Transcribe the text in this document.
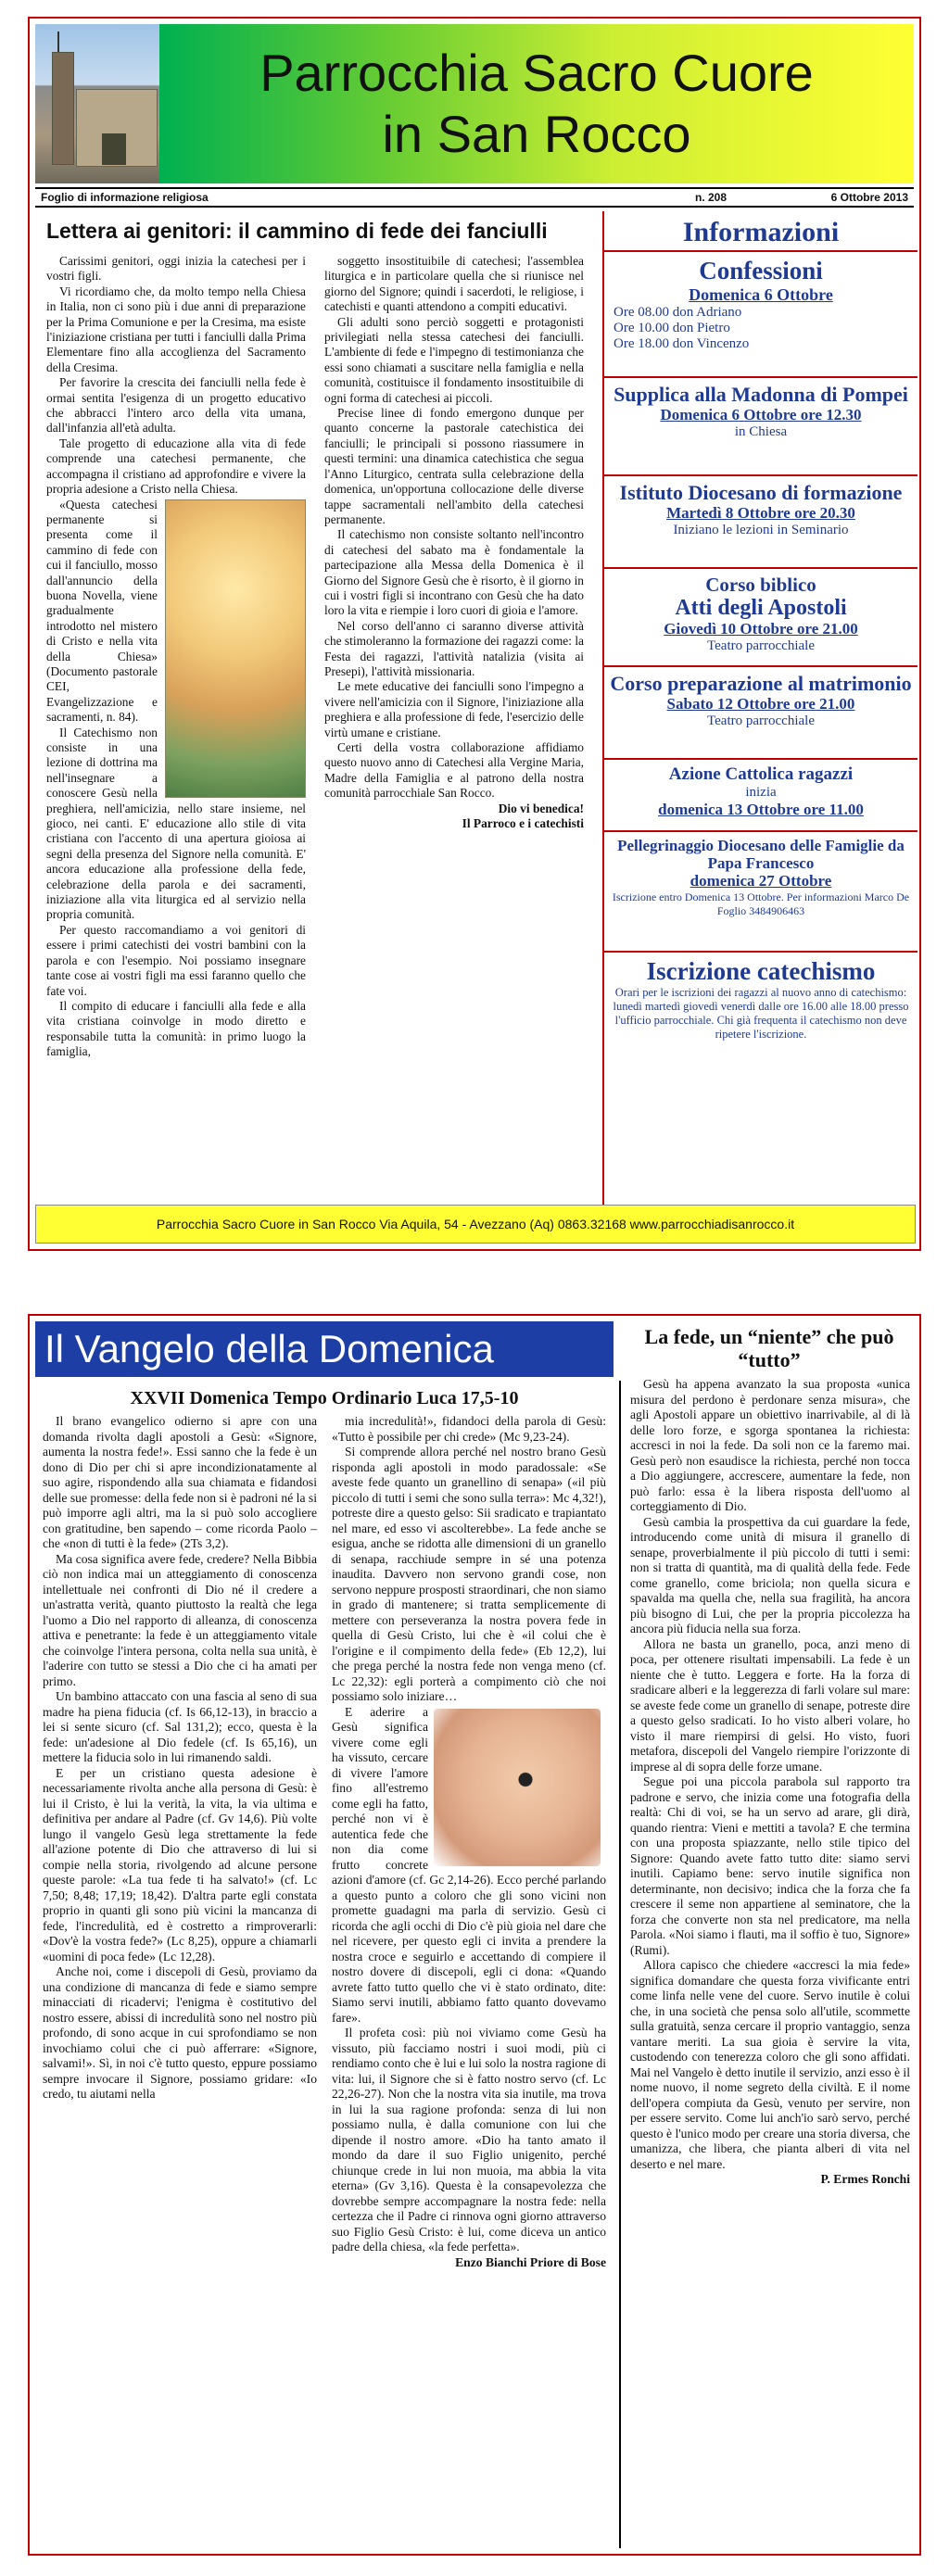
Parrocchia Sacro Cuore
in San Rocco
Foglio di informazione religiosa	n. 208	6 Ottobre 2013
Lettera ai genitori: il cammino di fede dei fanciulli

Carissimi genitori, oggi inizia la catechesi per i vostri figli.

Vi ricordiamo che, da molto tempo nella Chiesa in Italia, non ci sono più i due anni di preparazione per la Prima Comunione e per la Cresima, ma esiste l'iniziazione cristiana per tutti i fanciulli dalla Prima Elementare fino alla accoglienza del Sacramento della Cresima.

Per favorire la crescita dei fanciulli nella fede è ormai sentita l'esigenza di un progetto educativo che abbracci l'intero arco della vita umana, dall'infanzia all'età adulta.

Tale progetto di educazione alla vita di fede comprende una catechesi permanente, che accompagna il cristiano ad approfondire e vivere la propria adesione a Cristo nella Chiesa.

«Questa catechesi permanente si presenta come il cammino di fede con cui il fanciullo, mosso dall'annuncio della buona Novella, viene gradualmente introdotto nel mistero di Cristo e nella vita della Chiesa» (Documento pastorale CEI, Evangelizzazione e sacramenti, n. 84).

Il Catechismo non consiste in una lezione di dottrina ma nell'insegnare a conoscere Gesù nella preghiera, nell'amicizia, nello stare insieme, nel gioco, nei canti. E' educazione allo stile di vita cristiana con l'accento di una apertura gioiosa ai segni della presenza del Signore nella comunità. E' ancora educazione alla professione della fede, celebrazione della parola e dei sacramenti, iniziazione alla vita liturgica ed al servizio nella propria comunità.

Per questo raccomandiamo a voi genitori di essere i primi catechisti dei vostri bambini con la parola e con l'esempio. Noi possiamo insegnare tante cose ai vostri figli ma essi faranno quello che fate voi.

Il compito di educare i fanciulli alla fede e alla vita cristiana coinvolge in modo diretto e responsabile tutta la comunità: in primo luogo la famiglia,

soggetto insostituibile di catechesi; l'assemblea liturgica e in particolare quella che si riunisce nel giorno del Signore; quindi i sacerdoti, le religiose, i catechisti e quanti attendono a compiti educativi.

Gli adulti sono perciò soggetti e protagonisti privilegiati nella stessa catechesi dei fanciulli. L'ambiente di fede e l'impegno di testimonianza che essi sono chiamati a suscitare nella famiglia e nella comunità, costituisce il fondamento insostituibile di ogni forma di catechesi ai piccoli.

Precise linee di fondo emergono dunque per quanto concerne la pastorale catechistica dei fanciulli; le principali si possono riassumere in questi termini: una dinamica catechistica che segua l'Anno Liturgico, centrata sulla celebrazione della domenica, un'opportuna collocazione delle diverse tappe sacramentali nell'ambito della catechesi permanente.

Il catechismo non consiste soltanto nell'incontro di catechesi del sabato ma è fondamentale la partecipazione alla Messa della Domenica è il Giorno del Signore Gesù che è risorto, è il giorno in cui i vostri figli si incontrano con Gesù che ha dato loro la vita e riempie i loro cuori di gioia e l'amore.

Nel corso dell'anno ci saranno diverse attività che stimoleranno la formazione dei ragazzi come: la Festa dei ragazzi, l'attività natalizia (visita ai Presepi), l'attività missionaria.

Le mete educative dei fanciulli sono l'impegno a vivere nell'amicizia con il Signore, l'iniziazione alla preghiera e alla professione di fede, l'esercizio delle virtù umane e cristiane.

Certi della vostra collaborazione affidiamo questo nuovo anno di Catechesi alla Vergine Maria, Madre della Famiglia e al patrono della nostra comunità parrocchiale San Rocco.

Dio vi benedica!
Il Parroco e i catechisti
Informazioni
Confessioni
Domenica 6 Ottobre
Ore 08.00 don Adriano
Ore 10.00 don Pietro
Ore 18.00 don Vincenzo
Supplica alla Madonna di Pompei
Domenica 6 Ottobre ore 12.30
in Chiesa
Istituto Diocesano di formazione
Martedì 8 Ottobre ore 20.30
Iniziano le lezioni in Seminario
Corso biblico
Atti degli Apostoli
Giovedì 10 Ottobre ore 21.00
Teatro parrocchiale
Corso preparazione al matrimonio
Sabato 12 Ottobre ore 21.00
Teatro parrocchiale
Azione Cattolica ragazzi
inizia
domenica 13 Ottobre ore 11.00
Pellegrinaggio Diocesano delle Famiglie da Papa Francesco
domenica 27 Ottobre
Iscrizione entro Domenica 13 Ottobre. Per informazioni Marco De Foglio 3484906463
Iscrizione catechismo
Orari per le iscrizioni dei ragazzi al nuovo anno di catechismo: lunedì martedì giovedì venerdì dalle ore 16.00 alle 18.00 presso l'ufficio parrocchiale. Chi già frequenta il catechismo non deve ripetere l'iscrizione.
Parrocchia Sacro Cuore in San Rocco Via Aquila, 54 - Avezzano (Aq) 0863.32168 www.parrocchiadisanrocco.it
Il Vangelo della Domenica	La fede, un “niente” che può “tutto”
XXVII Domenica Tempo Ordinario Luca 17,5-10

Il brano evangelico odierno si apre con una domanda rivolta dagli apostoli a Gesù: «Signore, aumenta la nostra fede!». Essi sanno che la fede è un dono di Dio per chi si apre incondizionatamente al suo agire, rispondendo alla sua chiamata e fidandosi delle sue promesse: della fede non si è padroni né la si può imporre agli altri, ma la si può solo accogliere con gratitudine, ben sapendo – come ricorda Paolo – che «non di tutti è la fede» (2Ts 3,2).

Ma cosa significa avere fede, credere? Nella Bibbia ciò non indica mai un atteggiamento di conoscenza intellettuale nei confronti di Dio né il credere a un'astratta verità, quanto piuttosto la realtà che lega l'uomo a Dio nel rapporto di alleanza, di conoscenza attiva e penetrante: la fede è un atteggiamento vitale che coinvolge l'intera persona, colta nella sua unità, è l'aderire con tutto se stessi a Dio che ci ha amati per primo.

Un bambino attaccato con una fascia al seno di sua madre ha piena fiducia (cf. Is 66,12-13), in braccio a lei si sente sicuro (cf. Sal 131,2); ecco, questa è la fede: un'adesione al Dio fedele (cf. Is 65,16), un mettere la fiducia solo in lui rimanendo saldi.

E per un cristiano questa adesione è necessariamente rivolta anche alla persona di Gesù: è lui il Cristo, è lui la verità, la vita, la via ultima e definitiva per andare al Padre (cf. Gv 14,6). Più volte lungo il vangelo Gesù lega strettamente la fede all'azione potente di Dio che attraverso di lui si compie nella storia, rivolgendo ad alcune persone queste parole: «La tua fede ti ha salvato!» (cf. Lc 7,50; 8,48; 17,19; 18,42). D'altra parte egli constata proprio in quanti gli sono più vicini la mancanza di fede, l'incredulità, ed è costretto a rimproverarli: «Dov'è la vostra fede?» (Lc 8,25), oppure a chiamarli «uomini di poca fede» (Lc 12,28).

Anche noi, come i discepoli di Gesù, proviamo da una condizione di mancanza di fede e siamo sempre minacciati di ricadervi; l'enigma è costitutivo del nostro essere, abissi di incredulità sono nel nostro più profondo, di sono acque in cui sprofondiamo se non invochiamo colui che ci può afferrare: «Signore, salvami!». Sì, in noi c'è tutto questo, eppure possiamo sempre invocare il Signore, possiamo gridare: «Io credo, tu aiutami nella

mia incredulità!», fidandoci della parola di Gesù: «Tutto è possibile per chi crede» (Mc 9,23-24).

Si comprende allora perché nel nostro brano Gesù risponda agli apostoli in modo paradossale: «Se aveste fede quanto un granellino di senapa» («il più piccolo di tutti i semi che sono sulla terra»: Mc 4,32!), potreste dire a questo gelso: Sii sradicato e trapiantato nel mare, ed esso vi ascolterebbe». La fede anche se esigua, anche se ridotta alle dimensioni di un granello di senapa, racchiude sempre in sé una potenza inaudita. Davvero non servono grandi cose, non servono neppure prosposti straordinari, che non siamo in grado di mantenere; si tratta semplicemente di mettere con perseveranza la nostra povera fede in quella di Gesù Cristo, lui che è «il colui che è l'origine e il compimento della fede» (Eb 12,2), lui che prega perché la nostra fede non venga meno (cf. Lc 22,32): egli porterà a compimento ciò che noi possiamo solo iniziare…

E aderire a Gesù significa vivere come egli ha vissuto, cercare di vivere l'amore fino all'estremo come egli ha fatto, perché non vi è autentica fede che non dia come frutto concrete azioni d'amore (cf. Gc 2,14-26). Ecco perché parlando a questo punto a coloro che gli sono vicini non promette guadagni ma parla di servizio. Gesù ci ricorda che agli occhi di Dio c'è più gioia nel dare che nel ricevere, per questo egli ci invita a prendere la nostra croce e seguirlo e accettando di compiere il nostro dovere di discepoli, egli ci dona: «Quando avrete fatto tutto quello che vi è stato ordinato, dite: Siamo servi inutili, abbiamo fatto quanto dovevamo fare».

Il profeta così: più noi viviamo come Gesù ha vissuto, più facciamo nostri i suoi modi, più ci rendiamo conto che è lui e lui solo la nostra ragione di vita: lui, il Signore che si è fatto nostro servo (cf. Lc 22,26-27). Non che la nostra vita sia inutile, ma trova in lui la sua ragione profonda: senza di lui non possiamo nulla, è dalla comunione con lui che dipende il nostro amore. «Dio ha tanto amato il mondo da dare il suo Figlio unigenito, perché chiunque crede in lui non muoia, ma abbia la vita eterna» (Gv 3,16). Questa è la consapevolezza che dovrebbe sempre accompagnare la nostra fede: nella certezza che il Padre ci rinnova ogni giorno attraverso suo Figlio Gesù Cristo: è lui, come diceva un antico padre della chiesa, «la fede perfetta».

Enzo Bianchi Priore di Bose

Gesù ha appena avanzato la sua proposta «unica misura del perdono è perdonare senza misura», che agli Apostoli appare un obiettivo inarrivabile, al di là delle loro forze, e sgorga spontanea la richiesta: accresci in noi la fede. Da soli non ce la faremo mai. Gesù però non esaudisce la richiesta, perché non tocca a Dio aggiungere, accrescere, aumentare la fede, non può farlo: essa è la libera risposta dell'uomo al corteggiamento di Dio.

Gesù cambia la prospettiva da cui guardare la fede, introducendo come unità di misura il granello di senape, proverbialmente il più piccolo di tutti i semi: non si tratta di quantità, ma di qualità della fede. Fede come granello, come briciola; non quella sicura e spavalda ma quella che, nella sua fragilità, ha ancora più bisogno di Lui, che per la propria piccolezza ha ancora più fiducia nella sua forza.

Allora ne basta un granello, poca, anzi meno di poca, per ottenere risultati impensabili. La fede è un niente che è tutto. Leggera e forte. Ha la forza di sradicare alberi e la leggerezza di farli volare sul mare: se aveste fede come un granello di senape, potreste dire a questo gelso sradicati. Io ho visto alberi volare, ho visto il mare riempirsi di gelsi. Ho visto, fuori metafora, discepoli del Vangelo riempire l'orizzonte di imprese al di sopra delle forze umane.

Segue poi una piccola parabola sul rapporto tra padrone e servo, che inizia come una fotografia della realtà: Chi di voi, se ha un servo ad arare, gli dirà, quando rientra: Vieni e mettiti a tavola? E che termina con una proposta spiazzante, nello stile tipico del Signore: Quando avete fatto tutto dite: siamo servi inutili. Capiamo bene: servo inutile significa non determinante, non decisivo; indica che la forza che fa crescere il seme non appartiene al seminatore, che la forza che converte non sta nel predicatore, ma nella Parola. «Noi siamo i flauti, ma il soffio è tuo, Signore» (Rumi).

Allora capisco che chiedere «accresci la mia fede» significa domandare che questa forza vivificante entri come linfa nelle vene del cuore. Servo inutile è colui che, in una società che pensa solo all'utile, scommette sulla gratuità, senza cercare il proprio vantaggio, senza vantare meriti. La sua gioia è servire la vita, custodendo con tenerezza coloro che gli sono affidati. Mai nel Vangelo è detto inutile il servizio, anzi esso è il nome nuovo, il nome segreto della civiltà. E il nome dell'opera compiuta da Gesù, venuto per servire, non per essere servito. Come lui anch'io sarò servo, perché questo è l'unico modo per creare una storia diversa, che umanizza, che libera, che pianta alberi di vita nel deserto e nel mare.

P. Ermes Ronchi
